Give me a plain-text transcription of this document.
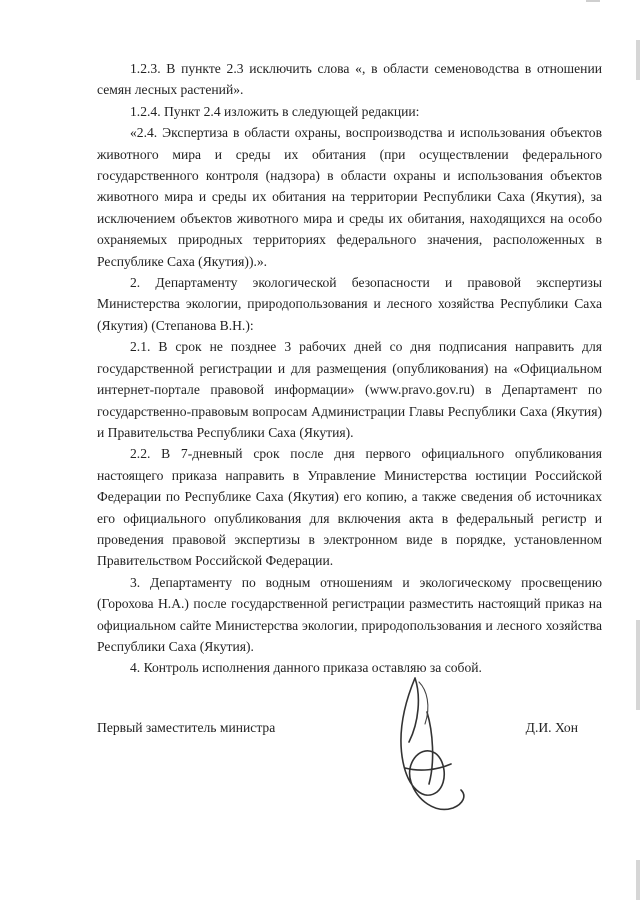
1.2.3. В пункте 2.3 исключить слова «, в области семеноводства в отношении семян лесных растений».

1.2.4. Пункт 2.4 изложить в следующей редакции:

«2.4. Экспертиза в области охраны, воспроизводства и использования объектов животного мира и среды их обитания (при осуществлении федерального государственного контроля (надзора) в области охраны и использования объектов животного мира и среды их обитания на территории Республики Саха (Якутия), за исключением объектов животного мира и среды их обитания, находящихся на особо охраняемых природных территориях федерального значения, расположенных в Республике Саха (Якутия)).».

2. Департаменту экологической безопасности и правовой экспертизы Министерства экологии, природопользования и лесного хозяйства Республики Саха (Якутия) (Степанова В.Н.):

2.1. В срок не позднее 3 рабочих дней со дня подписания направить для государственной регистрации и для размещения (опубликования) на «Официальном интернет-портале правовой информации» (www.pravo.gov.ru) в Департамент по государственно-правовым вопросам Администрации Главы Республики Саха (Якутия) и Правительства Республики Саха (Якутия).

2.2. В 7-дневный срок после дня первого официального опубликования настоящего приказа направить в Управление Министерства юстиции Российской Федерации по Республике Саха (Якутия) его копию, а также сведения об источниках его официального опубликования для включения акта в федеральный регистр и проведения правовой экспертизы в электронном виде в порядке, установленном Правительством Российской Федерации.

3. Департаменту по водным отношениям и экологическому просвещению (Горохова Н.А.) после государственной регистрации разместить настоящий приказ на официальном сайте Министерства экологии, природопользования и лесного хозяйства Республики Саха (Якутия).

4. Контроль исполнения данного приказа оставляю за собой.

Первый заместитель министра	Д.И. Хон
